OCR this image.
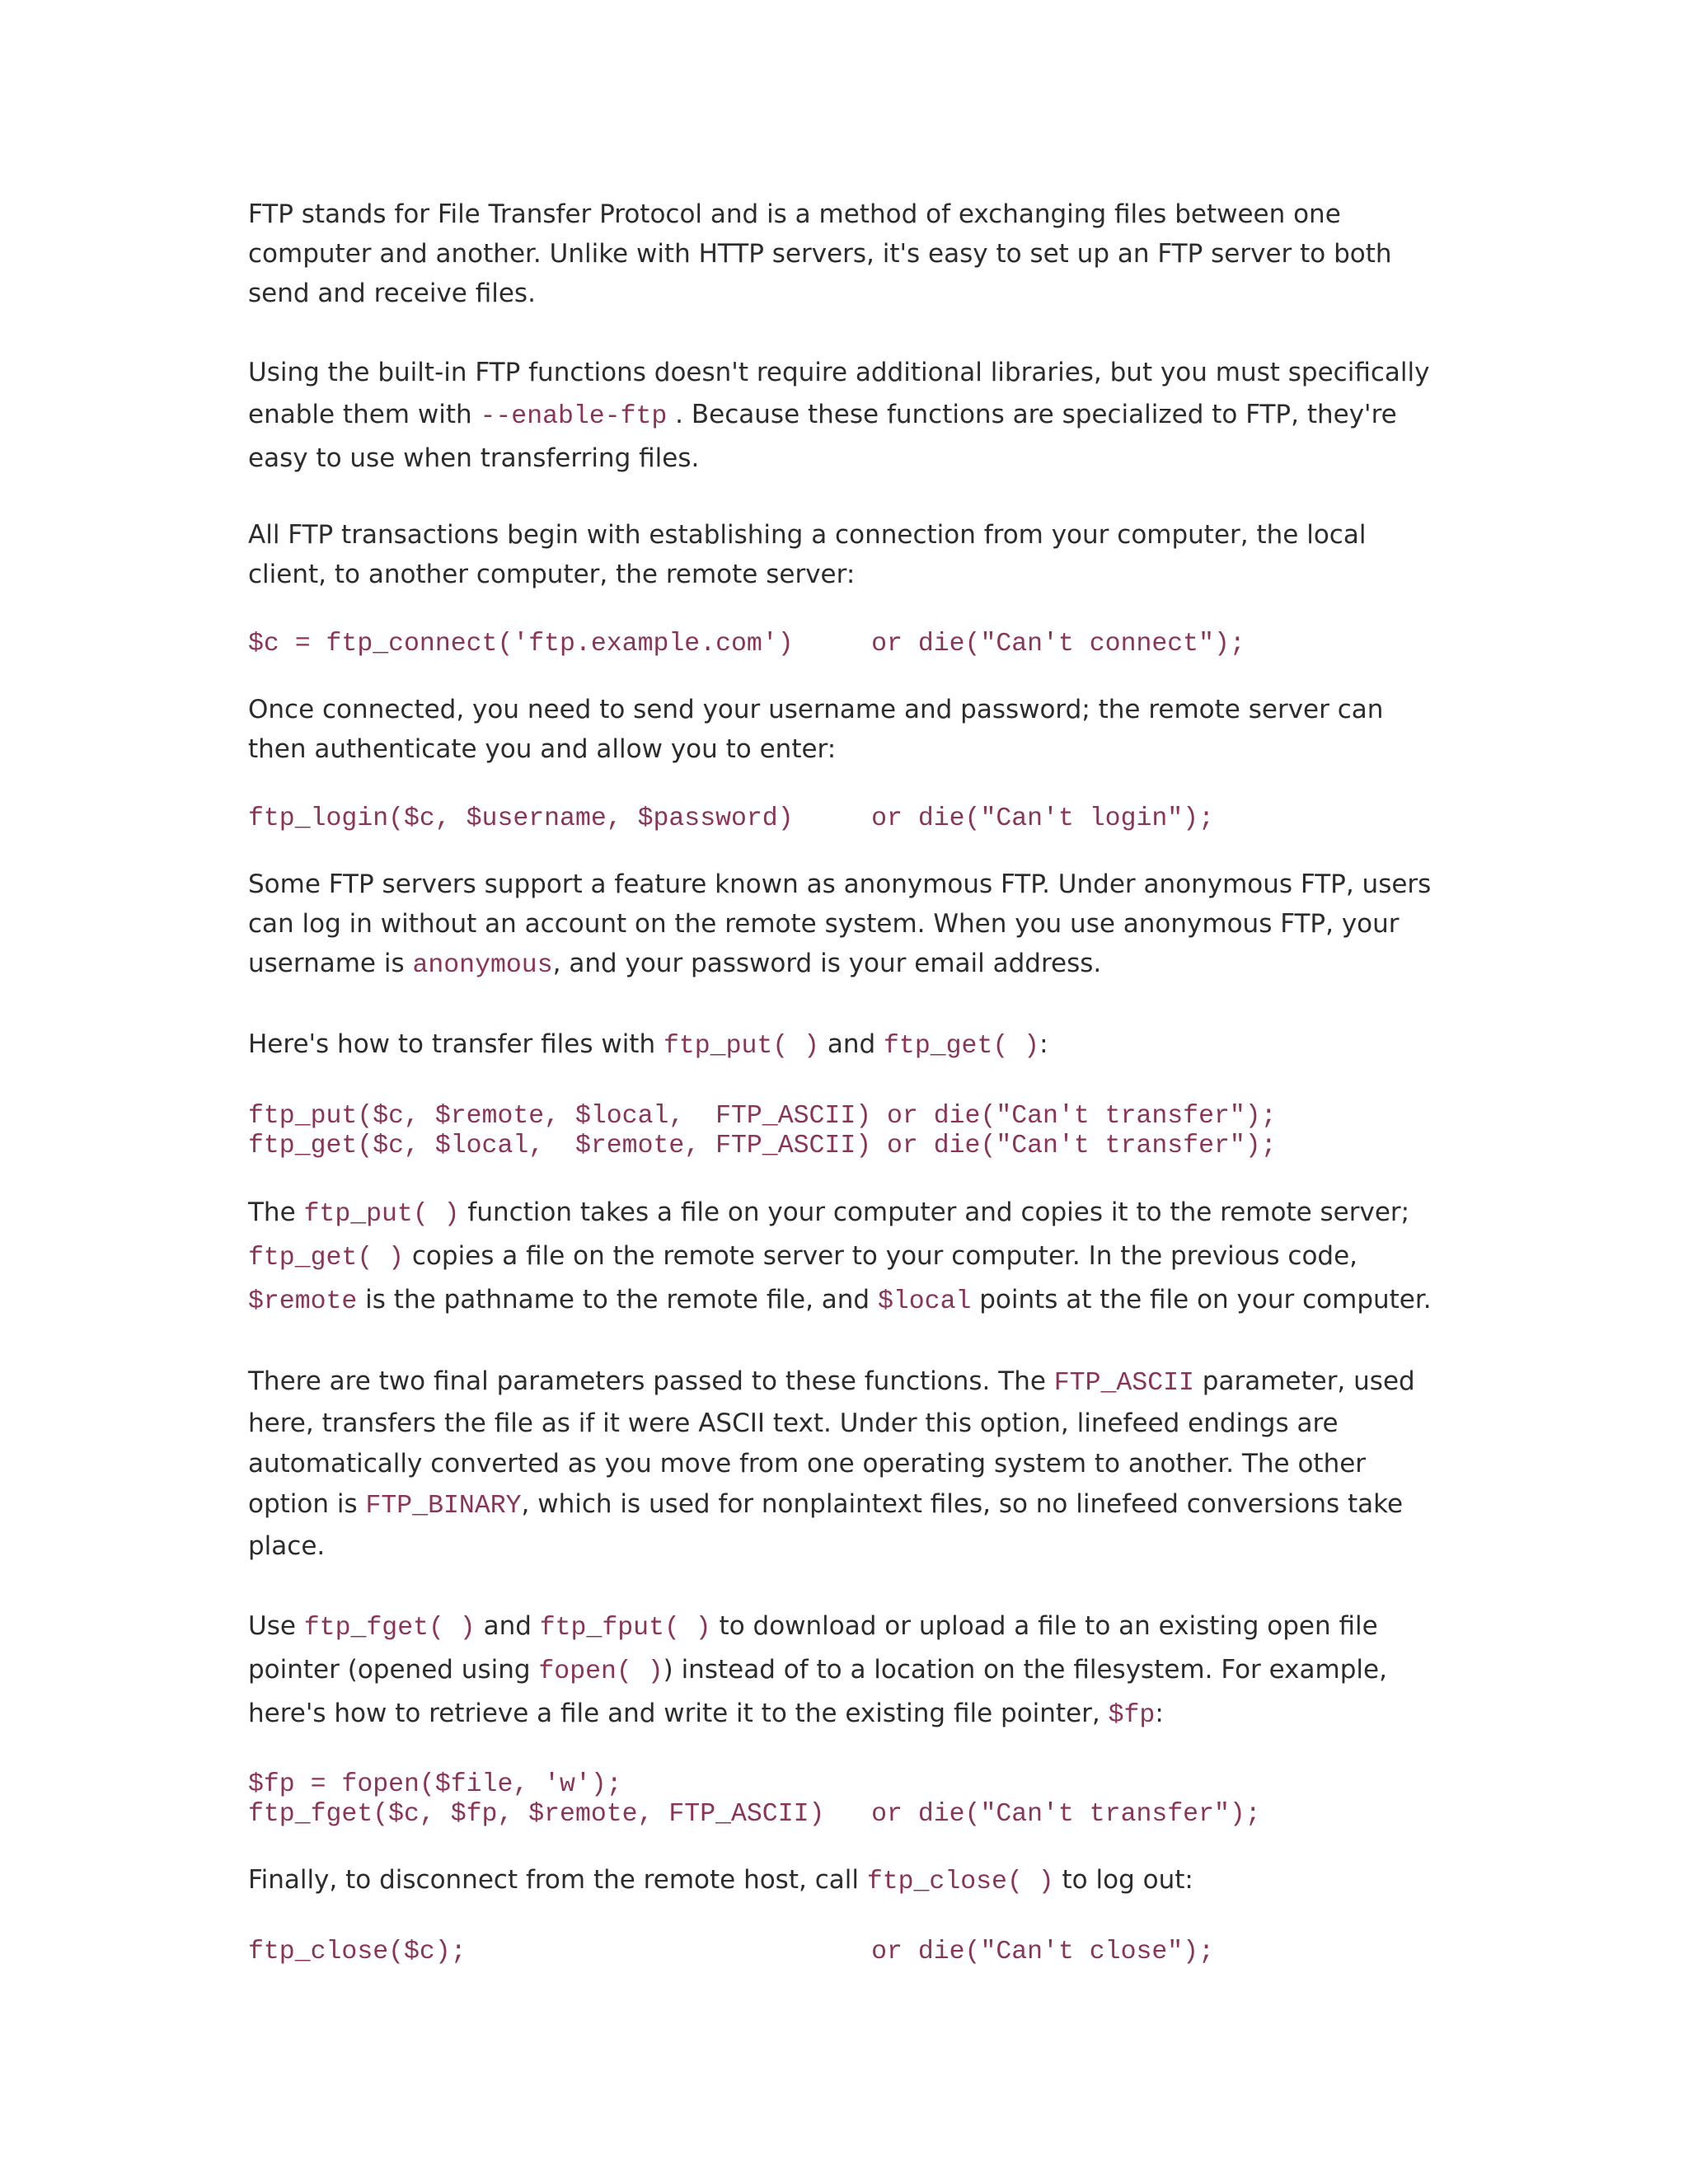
FTP stands for File Transfer Protocol and is a method of exchanging files between one computer and another. Unlike with HTTP servers, it's easy to set up an FTP server to both send and receive files.

Using the built-in FTP functions doesn't require additional libraries, but you must specifically enable them with --enable-ftp . Because these functions are specialized to FTP, they're easy to use when transferring files.

All FTP transactions begin with establishing a connection from your computer, the local client, to another computer, the remote server:

$c = ftp_connect('ftp.example.com')     or die("Can't connect");

Once connected, you need to send your username and password; the remote server can then authenticate you and allow you to enter:

ftp_login($c, $username, $password)     or die("Can't login");

Some FTP servers support a feature known as anonymous FTP. Under anonymous FTP, users can log in without an account on the remote system. When you use anonymous FTP, your username is anonymous, and your password is your email address.

Here's how to transfer files with ftp_put( ) and ftp_get( ):

ftp_put($c, $remote, $local,  FTP_ASCII) or die("Can't transfer");
ftp_get($c, $local,  $remote, FTP_ASCII) or die("Can't transfer");

The ftp_put( ) function takes a file on your computer and copies it to the remote server; ftp_get( ) copies a file on the remote server to your computer. In the previous code, $remote is the pathname to the remote file, and $local points at the file on your computer.

There are two final parameters passed to these functions. The FTP_ASCII parameter, used here, transfers the file as if it were ASCII text. Under this option, linefeed endings are automatically converted as you move from one operating system to another. The other option is FTP_BINARY, which is used for nonplaintext files, so no linefeed conversions take place.

Use ftp_fget( ) and ftp_fput( ) to download or upload a file to an existing open file pointer (opened using fopen( )) instead of to a location on the filesystem. For example, here's how to retrieve a file and write it to the existing file pointer, $fp:

$fp = fopen($file, 'w');
ftp_fget($c, $fp, $remote, FTP_ASCII)   or die("Can't transfer");

Finally, to disconnect from the remote host, call ftp_close( ) to log out:

ftp_close($c);                          or die("Can't close");
